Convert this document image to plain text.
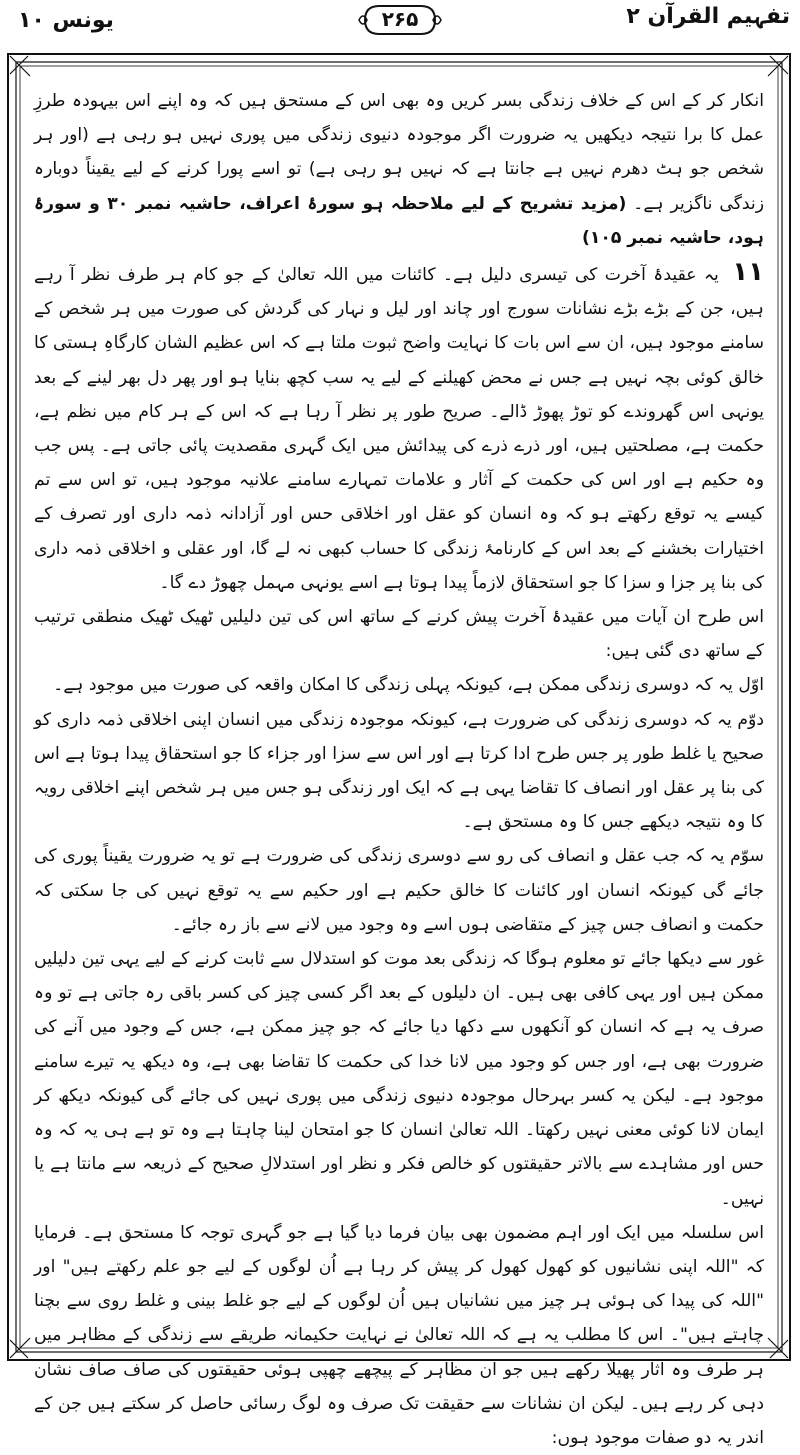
یونس ۱۰	۲۶۵	تفہیم القرآن ۲

انکار کر کے اس کے خلاف زندگی بسر کریں وہ بھی اس کے مستحق ہیں کہ وہ اپنے اس بیہودہ طرزِ عمل کا برا نتیجہ دیکھیں یہ ضرورت اگر موجودہ دنیوی زندگی میں پوری نہیں ہو رہی ہے (اور ہر شخص جو ہٹ دھرم نہیں ہے جانتا ہے کہ نہیں ہو رہی ہے) تو اسے پورا کرنے کے لیے یقیناً دوبارہ زندگی ناگزیر ہے۔ (مزید تشریح کے لیے ملاحظہ ہو سورۂ اعراف، حاشیہ نمبر ۳۰ و سورۂ ہود، حاشیہ نمبر ۱۰۵)

۱۱ یہ عقیدۂ آخرت کی تیسری دلیل ہے۔ کائنات میں اللہ تعالیٰ کے جو کام ہر طرف نظر آ رہے ہیں، جن کے بڑے بڑے نشانات سورج اور چاند اور لیل و نہار کی گردش کی صورت میں ہر شخص کے سامنے موجود ہیں، ان سے اس بات کا نہایت واضح ثبوت ملتا ہے کہ اس عظیم الشان کارگاہِ ہستی کا خالق کوئی بچہ نہیں ہے جس نے محض کھیلنے کے لیے یہ سب کچھ بنایا ہو اور پھر دل بھر لینے کے بعد یونہی اس گھروندے کو توڑ پھوڑ ڈالے۔ صریح طور پر نظر آ رہا ہے کہ اس کے ہر کام میں نظم ہے، حکمت ہے، مصلحتیں ہیں، اور ذرے ذرے کی پیدائش میں ایک گہری مقصدیت پائی جاتی ہے۔ پس جب وہ حکیم ہے اور اس کی حکمت کے آثار و علامات تمہارے سامنے علانیہ موجود ہیں، تو اس سے تم کیسے یہ توقع رکھتے ہو کہ وہ انسان کو عقل اور اخلاقی حس اور آزادانہ ذمہ داری اور تصرف کے اختیارات بخشنے کے بعد اس کے کارنامۂ زندگی کا حساب کبھی نہ لے گا، اور عقلی و اخلاقی ذمہ داری کی بنا پر جزا و سزا کا جو استحقاق لازماً پیدا ہوتا ہے اسے یونہی مہمل چھوڑ دے گا۔

اس طرح ان آیات میں عقیدۂ آخرت پیش کرنے کے ساتھ اس کی تین دلیلیں ٹھیک ٹھیک منطقی ترتیب کے ساتھ دی گئی ہیں:

اوّل یہ کہ دوسری زندگی ممکن ہے، کیونکہ پہلی زندگی کا امکان واقعہ کی صورت میں موجود ہے۔

دوّم یہ کہ دوسری زندگی کی ضرورت ہے، کیونکہ موجودہ زندگی میں انسان اپنی اخلاقی ذمہ داری کو صحیح یا غلط طور پر جس طرح ادا کرتا ہے اور اس سے سزا اور جزاء کا جو استحقاق پیدا ہوتا ہے اس کی بنا پر عقل اور انصاف کا تقاضا یہی ہے کہ ایک اور زندگی ہو جس میں ہر شخص اپنے اخلاقی رویہ کا وہ نتیجہ دیکھے جس کا وہ مستحق ہے۔

سوّم یہ کہ جب عقل و انصاف کی رو سے دوسری زندگی کی ضرورت ہے تو یہ ضرورت یقیناً پوری کی جائے گی کیونکہ انسان اور کائنات کا خالق حکیم ہے اور حکیم سے یہ توقع نہیں کی جا سکتی کہ حکمت و انصاف جس چیز کے متقاضی ہوں اسے وہ وجود میں لانے سے باز رہ جائے۔

غور سے دیکھا جائے تو معلوم ہوگا کہ زندگی بعد موت کو استدلال سے ثابت کرنے کے لیے یہی تین دلیلیں ممکن ہیں اور یہی کافی بھی ہیں۔ ان دلیلوں کے بعد اگر کسی چیز کی کسر باقی رہ جاتی ہے تو وہ صرف یہ ہے کہ انسان کو آنکھوں سے دکھا دیا جائے کہ جو چیز ممکن ہے، جس کے وجود میں آنے کی ضرورت بھی ہے، اور جس کو وجود میں لانا خدا کی حکمت کا تقاضا بھی ہے، وہ دیکھ یہ تیرے سامنے موجود ہے۔ لیکن یہ کسر بہرحال موجودہ دنیوی زندگی میں پوری نہیں کی جائے گی کیونکہ دیکھ کر ایمان لانا کوئی معنی نہیں رکھتا۔ اللہ تعالیٰ انسان کا جو امتحان لینا چاہتا ہے وہ تو ہے ہی یہ کہ وہ حس اور مشاہدے سے بالاتر حقیقتوں کو خالص فکر و نظر اور استدلالِ صحیح کے ذریعہ سے مانتا ہے یا نہیں۔

اس سلسلہ میں ایک اور اہم مضمون بھی بیان فرما دیا گیا ہے جو گہری توجہ کا مستحق ہے۔ فرمایا کہ "اللہ اپنی نشانیوں کو کھول کھول کر پیش کر رہا ہے اُن لوگوں کے لیے جو علم رکھتے ہیں" اور "اللہ کی پیدا کی ہوئی ہر چیز میں نشانیاں ہیں اُن لوگوں کے لیے جو غلط بینی و غلط روی سے بچنا چاہتے ہیں"۔ اس کا مطلب یہ ہے کہ اللہ تعالیٰ نے نہایت حکیمانہ طریقے سے زندگی کے مظاہر میں ہر طرف وہ آثار پھیلا رکھے ہیں جو ان مظاہر کے پیچھے چھپی ہوئی حقیقتوں کی صاف صاف نشان دہی کر رہے ہیں۔ لیکن ان نشانات سے حقیقت تک صرف وہ لوگ رسائی حاصل کر سکتے ہیں جن کے اندر یہ دو صفات موجود ہوں:
